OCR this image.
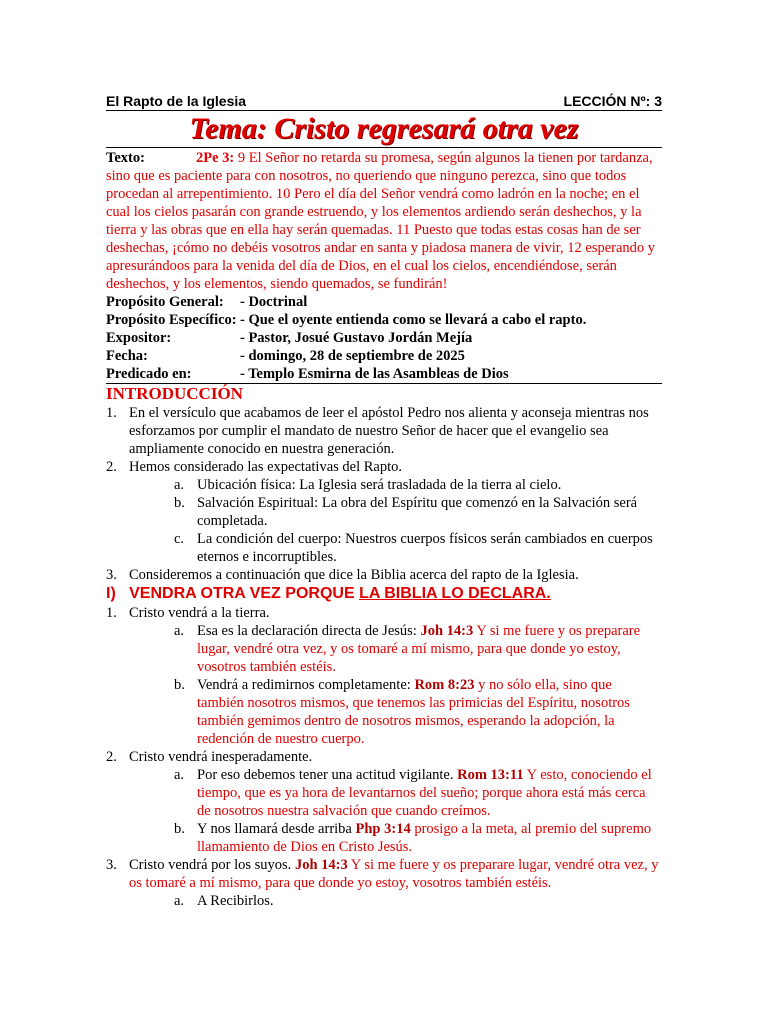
El Rapto de la Iglesia	LECCIÓN Nº: 3
Tema: Cristo regresará otra vez
Texto:	2Pe 3: 9 El Señor no retarda su promesa, según algunos la tienen por tardanza, sino que es paciente para con nosotros, no queriendo que ninguno perezca, sino que todos procedan al arrepentimiento. 10 Pero el día del Señor vendrá como ladrón en la noche; en el cual los cielos pasarán con grande estruendo, y los elementos ardiendo serán deshechos, y la tierra y las obras que en ella hay serán quemadas. 11 Puesto que todas estas cosas han de ser deshechas, ¡cómo no debéis vosotros andar en santa y piadosa manera de vivir, 12 esperando y apresurándoos para la venida del día de Dios, en el cual los cielos, encendiéndose, serán deshechos, y los elementos, siendo quemados, se fundirán!
Propósito General:	- Doctrinal
Propósito Específico: - Que el oyente entienda como se llevará a cabo el rapto.
Expositor:	- Pastor, Josué Gustavo Jordán Mejía
Fecha:	- domingo, 28 de septiembre de 2025
Predicado en:	- Templo Esmirna de las Asambleas de Dios
INTRODUCCIÓN
1. En el versículo que acabamos de leer el apóstol Pedro nos alienta y aconseja mientras nos esforzamos por cumplir el mandato de nuestro Señor de hacer que el evangelio sea ampliamente conocido en nuestra generación.
2. Hemos considerado las expectativas del Rapto.
a. Ubicación física: La Iglesia será trasladada de la tierra al cielo.
b. Salvación Espiritual: La obra del Espíritu que comenzó en la Salvación será completada.
c. La condición del cuerpo: Nuestros cuerpos físicos serán cambiados en cuerpos eternos e incorruptibles.
3. Consideremos a continuación que dice la Biblia acerca del rapto de la Iglesia.
I)   VENDRA OTRA VEZ PORQUE LA BIBLIA LO DECLARA.
1. Cristo vendrá a la tierra.
a. Esa es la declaración directa de Jesús: Joh 14:3 Y si me fuere y os preparare lugar, vendré otra vez, y os tomaré a mí mismo, para que donde yo estoy, vosotros también estéis.
b. Vendrá a redimirnos completamente: Rom 8:23 y no sólo ella, sino que también nosotros mismos, que tenemos las primicias del Espíritu, nosotros también gemimos dentro de nosotros mismos, esperando la adopción, la redención de nuestro cuerpo.
2. Cristo vendrá inesperadamente.
a. Por eso debemos tener una actitud vigilante. Rom 13:11 Y esto, conociendo el tiempo, que es ya hora de levantarnos del sueño; porque ahora está más cerca de nosotros nuestra salvación que cuando creímos.
b. Y nos llamará desde arriba Php 3:14 prosigo a la meta, al premio del supremo llamamiento de Dios en Cristo Jesús.
3. Cristo vendrá por los suyos. Joh 14:3 Y si me fuere y os preparare lugar, vendré otra vez, y os tomaré a mí mismo, para que donde yo estoy, vosotros también estéis.
a. A Recibirlos.
